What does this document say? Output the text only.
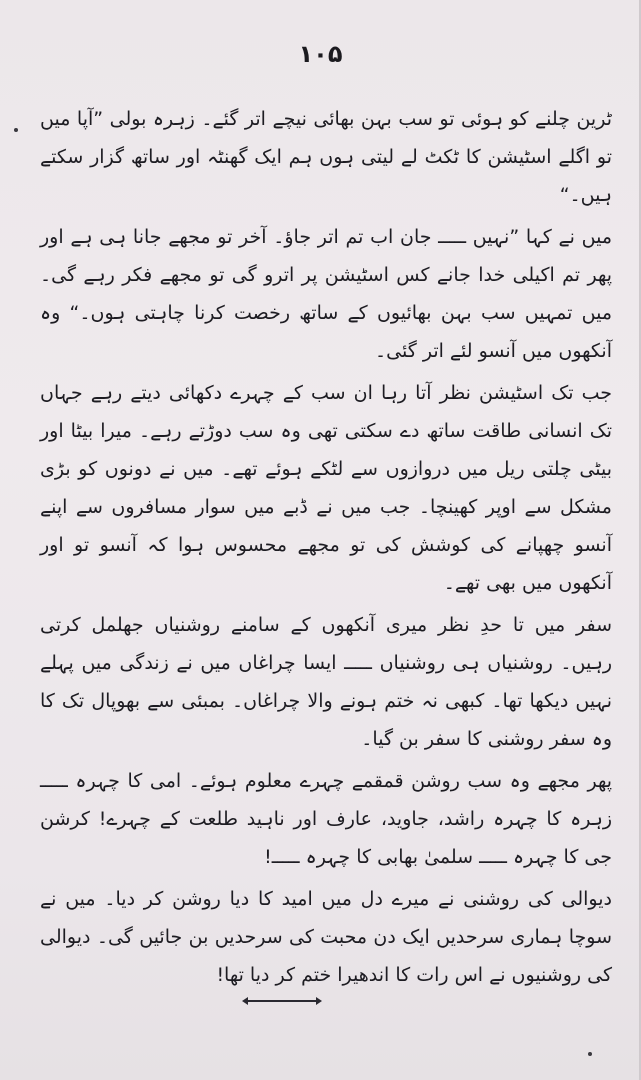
۱۰۵

ٹرین چلنے کو ہوئی تو سب بہن بھائی نیچے اتر گئے۔ زہرہ بولی ”آپا میں تو اگلے اسٹیشن کا ٹکٹ لے لیتی ہوں ہم ایک گھنٹہ اور ساتھ گزار سکتے ہیں۔“

میں نے کہا ”نہیں ـــــ جان اب تم اتر جاؤ۔ آخر تو مجھے جانا ہی ہے اور پھر تم اکیلی خدا جانے کس اسٹیشن پر اترو گی تو مجھے فکر رہے گی۔ میں تمہیں سب بہن بھائیوں کے ساتھ رخصت کرنا چاہتی ہوں۔“ وہ آنکھوں میں آنسو لئے اتر گئی۔

جب تک اسٹیشن نظر آتا رہا ان سب کے چہرے دکھائی دیتے رہے جہاں تک انسانی طاقت ساتھ دے سکتی تھی وہ سب دوڑتے رہے۔ میرا بیٹا اور بیٹی چلتی ریل میں دروازوں سے لٹکے ہوئے تھے۔ میں نے دونوں کو بڑی مشکل سے اوپر کھینچا۔ جب میں نے ڈبے میں سوار مسافروں سے اپنے آنسو چھپانے کی کوشش کی تو مجھے محسوس ہوا کہ آنسو تو اور آنکھوں میں بھی تھے۔

سفر میں تا حدِ نظر میری آنکھوں کے سامنے روشنیاں جھلمل کرتی رہیں۔ روشنیاں ہی روشنیاں ـــــ ایسا چراغاں میں نے زندگی میں پہلے نہیں دیکھا تھا۔ کبھی نہ ختم ہونے والا چراغاں۔ بمبئی سے بھوپال تک کا وہ سفر روشنی کا سفر بن گیا۔

پھر مجھے وہ سب روشن قمقمے چہرے معلوم ہوئے۔ امی کا چہرہ ـــــ زہرہ کا چہرہ راشد، جاوید، عارف اور ناہید طلعت کے چہرے! کرشن جی کا چہرہ ـــــ سلمیٰ بھابی کا چہرہ ـــــ!

دیوالی کی روشنی نے میرے دل میں امید کا دیا روشن کر دیا۔ میں نے سوچا ہماری سرحدیں ایک دن محبت کی سرحدیں بن جائیں گی۔ دیوالی کی روشنیوں نے اس رات کا اندھیرا ختم کر دیا تھا!
